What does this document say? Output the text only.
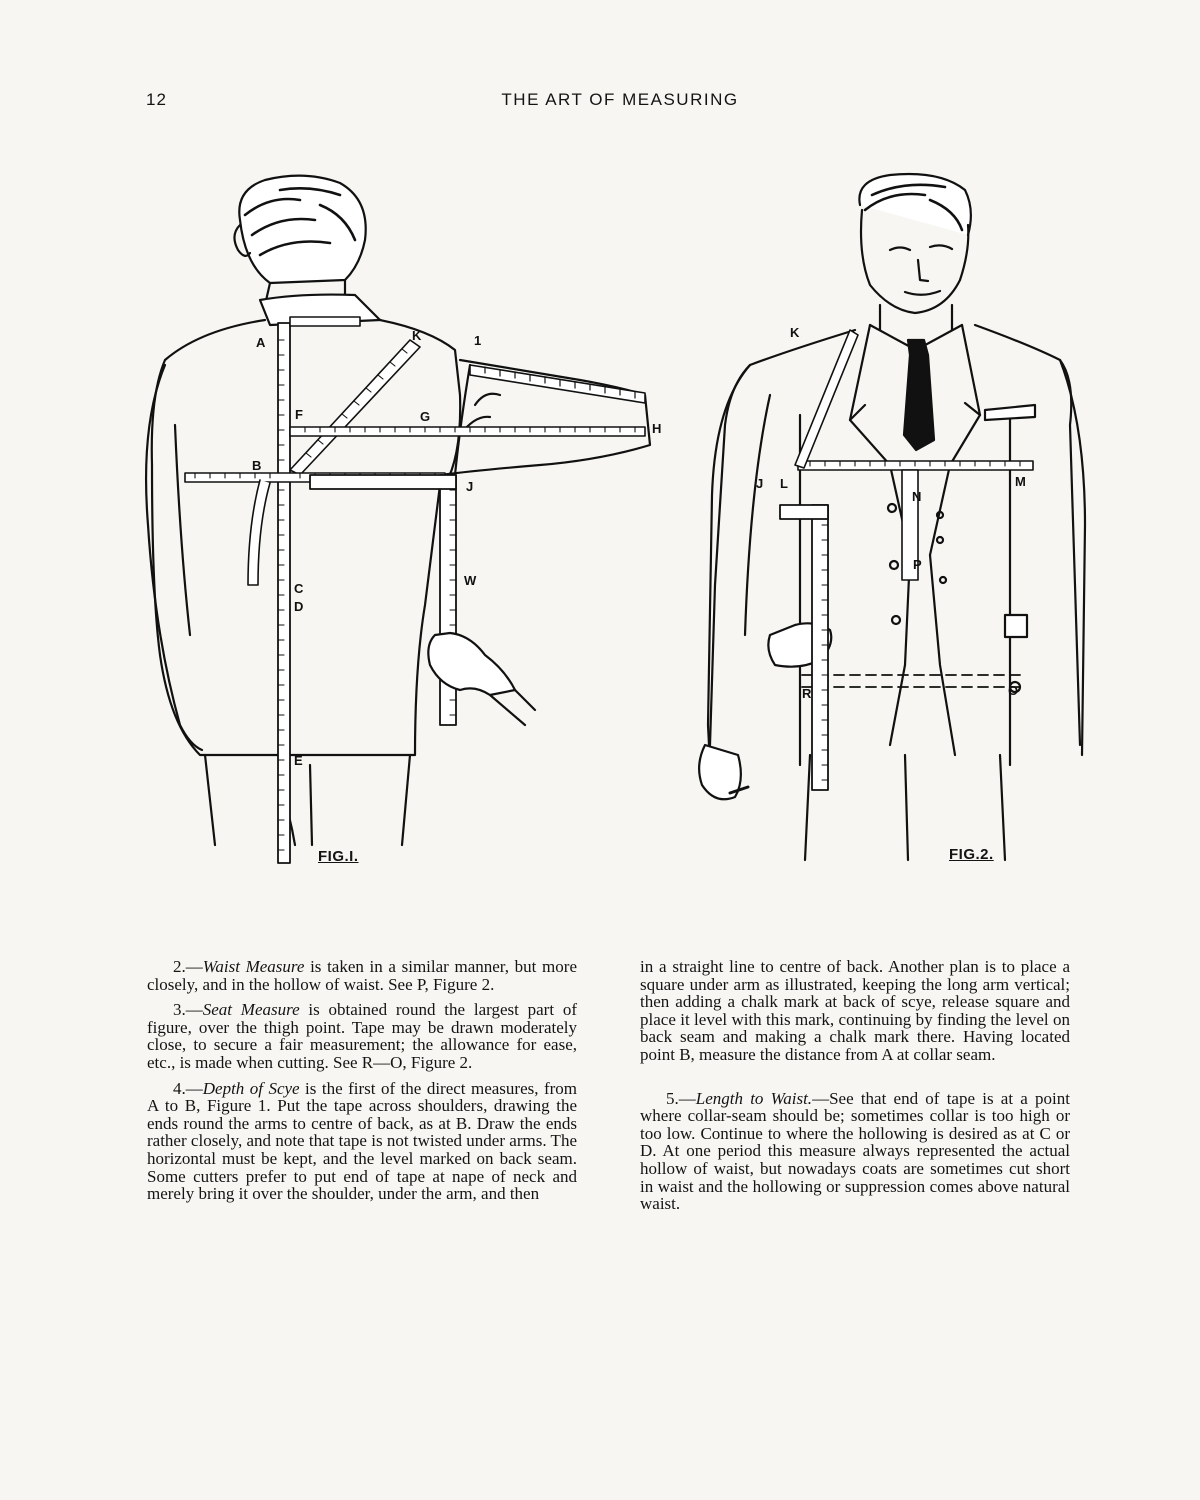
12	THE ART OF MEASURING
A	K	1
F	G
H
B
J
C
D
W
E
FIG.I.
K
J L
N
M
P
R	O
FIG.2.

2.—Waist Measure is taken in a similar manner, but more closely, and in the hollow of waist. See P, Figure 2.

3.—Seat Measure is obtained round the largest part of figure, over the thigh point. Tape may be drawn moderately close, to secure a fair measurement; the allowance for ease, etc., is made when cutting. See R—O, Figure 2.

4.—Depth of Scye is the first of the direct measures, from A to B, Figure 1. Put the tape across shoulders, drawing the ends round the arms to centre of back, as at B. Draw the ends rather closely, and note that tape is not twisted under arms. The horizontal must be kept, and the level marked on back seam. Some cutters prefer to put end of tape at nape of neck and merely bring it over the shoulder, under the arm, and then

in a straight line to centre of back. Another plan is to place a square under arm as illustrated, keeping the long arm vertical; then adding a chalk mark at back of scye, release square and place it level with this mark, continuing by finding the level on back seam and making a chalk mark there. Having located point B, measure the distance from A at collar seam.

5.—Length to Waist.—See that end of tape is at a point where collar-seam should be; sometimes collar is too high or too low. Continue to where the hollowing is desired as at C or D. At one period this measure always represented the actual hollow of waist, but nowadays coats are sometimes cut short in waist and the hollowing or suppression comes above natural waist.
